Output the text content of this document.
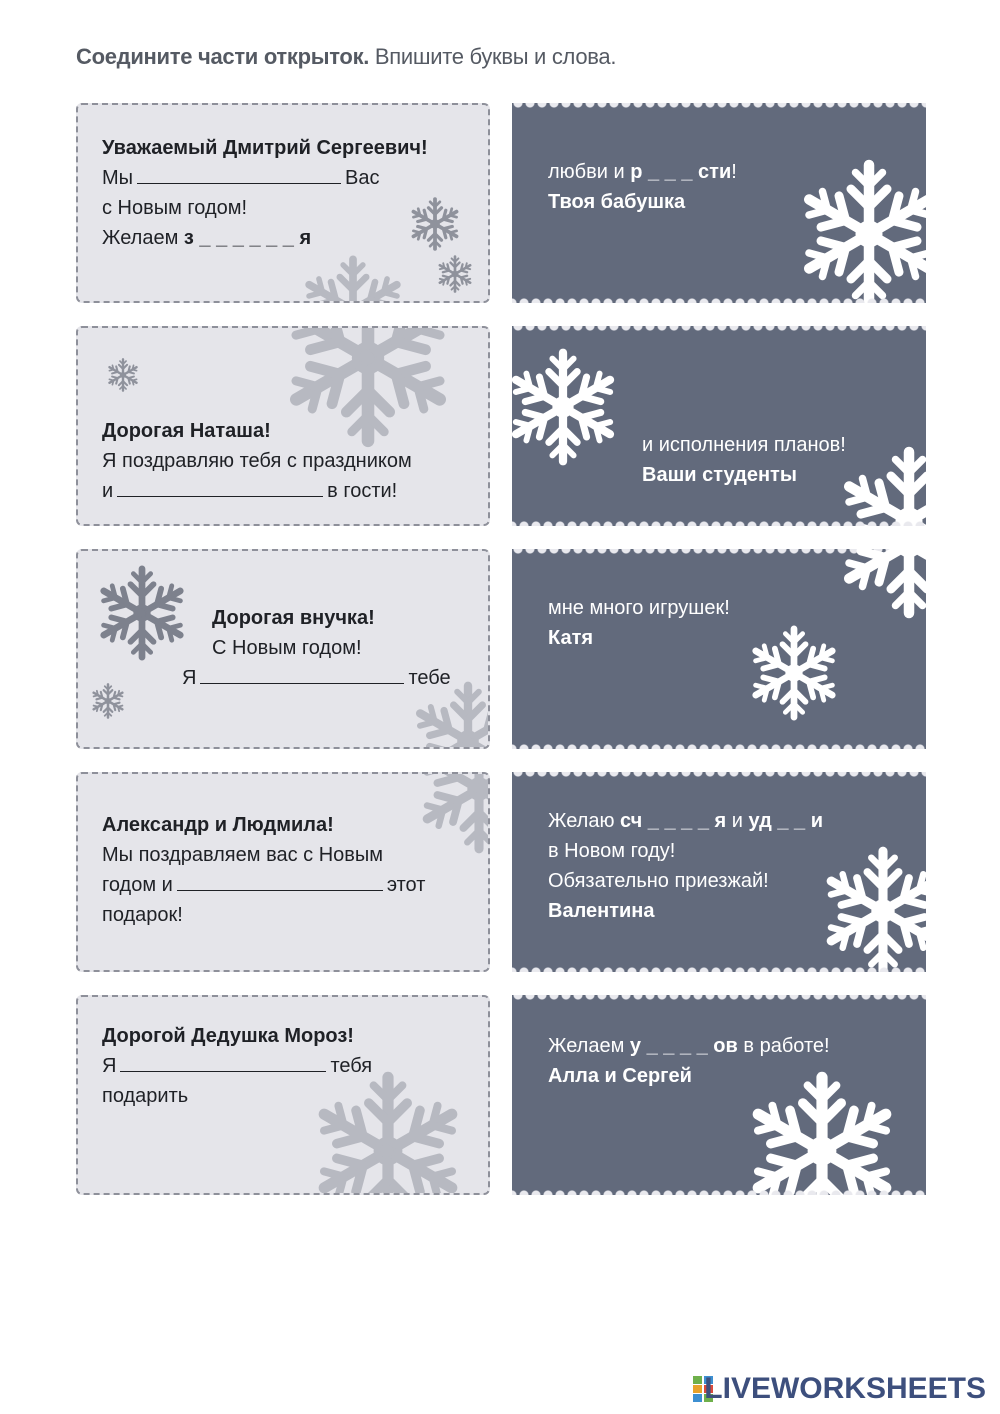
Соедините части открыток. Впишите буквы и слова.
Уважаемый Дмитрий Сергеевич!
Мы	Вас
с Новым годом!
Желаем з _ _ _ _ _ _ я
Дорогая Наташа!
Я поздравляю тебя с праздником
и	в гости!
Дорогая внучка!
С Новым годом!
Я	тебе
Александр и Людмила!
Мы поздравляем вас с Новым
годом и	этот
подарок!
Дорогой Дедушка Мороз!
Я	тебя
подарить
любви и р _ _ _ сти!
Твоя бабушка
и исполнения планов!
Ваши студенты
мне много игрушек!
Катя
Желаю сч _ _ _ _ я и уд _ _ и
в Новом году!
Обязательно приезжай!
Валентина
Желаем у _ _ _ _ ов в работе!
Алла и Сергей
LIVEWORKSHEETS
